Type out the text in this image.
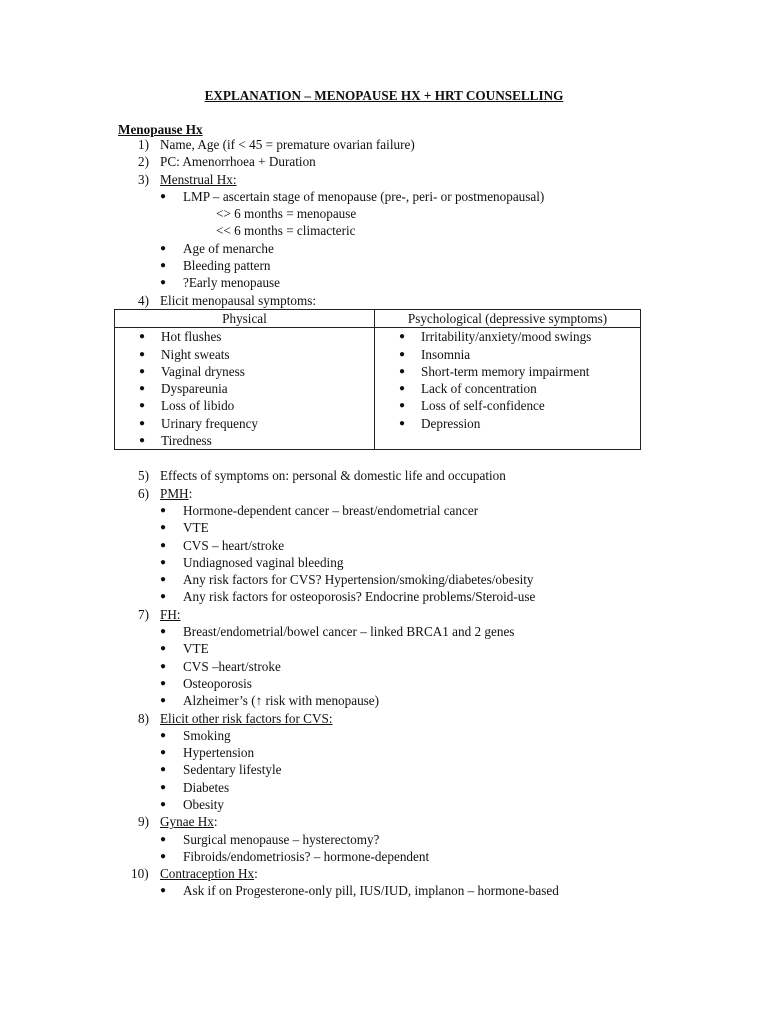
EXPLANATION – MENOPAUSE HX + HRT COUNSELLING
Menopause Hx
1) Name, Age (if < 45 = premature ovarian failure)
2) PC: Amenorrhoea + Duration
3) Menstrual Hx:
● LMP – ascertain stage of menopause (pre-, peri- or postmenopausal)
<> 6 months = menopause
<< 6 months = climacteric
● Age of menarche
● Bleeding pattern
● ?Early menopause
4) Elicit menopausal symptoms:
Physical	Psychological (depressive symptoms)

● Hot flushes	● Irritability/anxiety/mood swings

● Night sweats	● Insomnia

● Vaginal dryness	● Short-term memory impairment

● Dyspareunia	● Lack of concentration

● Loss of libido	● Loss of self-confidence

● Urinary frequency	● Depression

● Tiredness	

5) Effects of symptoms on: personal & domestic life and occupation
6) PMH:
● Hormone-dependent cancer – breast/endometrial cancer
● VTE
● CVS – heart/stroke
● Undiagnosed vaginal bleeding
● Any risk factors for CVS? Hypertension/smoking/diabetes/obesity
● Any risk factors for osteoporosis? Endocrine problems/Steroid-use
7) FH:
● Breast/endometrial/bowel cancer – linked BRCA1 and 2 genes
● VTE
● CVS –heart/stroke
● Osteoporosis
● Alzheimer’s (↑ risk with menopause)
8) Elicit other risk factors for CVS:
● Smoking
● Hypertension
● Sedentary lifestyle
● Diabetes
● Obesity
9) Gynae Hx:
● Surgical menopause – hysterectomy?
● Fibroids/endometriosis? – hormone-dependent
10) Contraception Hx:
● Ask if on Progesterone-only pill, IUS/IUD, implanon – hormone-based
